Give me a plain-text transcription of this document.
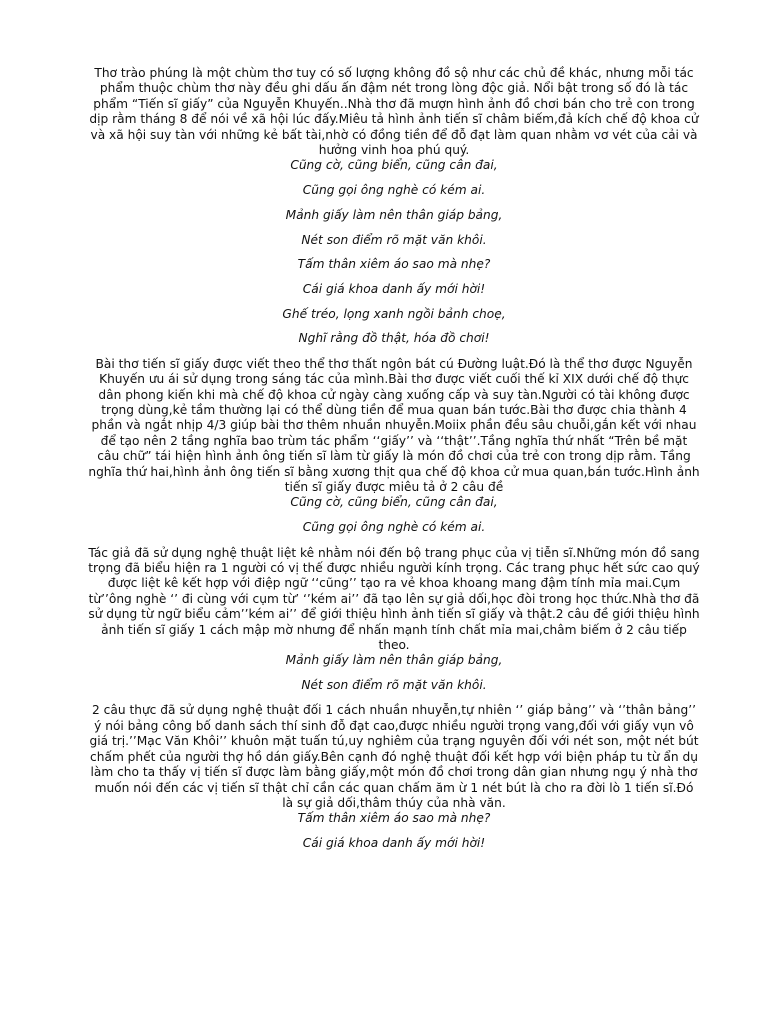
Thơ trào phúng là một chùm thơ tuy có số lượng không đồ sộ như các chủ đề khác, nhưng mỗi tác phẩm thuộc chùm thơ này đều ghi dấu ấn đậm nét trong lòng độc giả. Nổi bật trong số đó là tác phẩm “Tiến sĩ giấy” của Nguyễn Khuyến..Nhà thơ đã mượn hình ảnh đồ chơi bán cho trẻ con trong dịp rằm tháng 8 để nói về xã hội lúc đấy.Miêu tả hình ảnh tiến sĩ châm biếm,đả kích chế độ khoa cử và xã hội suy tàn với những kẻ bất tài,nhờ có đồng tiền để đỗ đạt làm quan nhằm vơ vét của cải và hưởng vinh hoa phú quý.

Cũng cờ, cũng biển, cũng cân đai,

Cũng gọi ông nghè có kém ai.

Mảnh giấy làm nên thân giáp bảng,

Nét son điểm rõ mặt văn khôi.

Tấm thân xiêm áo sao mà nhẹ?

Cái giá khoa danh ấy mới hời!

Ghế tréo, lọng xanh ngồi bảnh choẹ,

Nghĩ rằng đồ thật, hóa đồ chơi!

Bài thơ tiến sĩ giấy được viết theo thể thơ thất ngôn bát cú Đường luật.Đó là thể thơ được Nguyễn Khuyến ưu ái sử dụng trong sáng tác của mình.Bài thơ được viết cuối thế kỉ XIX dưới chế độ thực dân phong kiến khi mà chế độ khoa cử ngày càng xuống cấp và suy tàn.Người có tài không được trọng dùng,kẻ tầm thường lại có thể dùng tiền để mua quan bán tước.Bài thơ được chia thành 4 phần và ngắt nhịp 4/3 giúp bài thơ thêm nhuần nhuyễn.Moiix phần đều sâu chuỗi,gắn kết với nhau để tạo nên 2 tầng nghĩa bao trùm tác phẩm ‘‘giấy’’ và ‘‘thật’’.Tầng nghĩa thứ nhất “Trên bề mặt câu chữ” tái hiện hình ảnh ông tiến sĩ làm từ giấy là món đồ chơi của trẻ con trong dịp rằm. Tầng nghĩa thứ hai,hình ảnh ông tiến sĩ bằng xương thịt qua chế độ khoa cử mua quan,bán tước.Hình ảnh tiến sĩ giấy được miêu tả ở 2 câu đề

Cũng cờ, cũng biển, cũng cân đai,

Cũng gọi ông nghè có kém ai.

Tác giả đã sử dụng nghệ thuật liệt kê nhằm nói đến bộ trang phục của vị tiễn sĩ.Những món đồ sang trọng đã biểu hiện ra 1 người có vị thế được nhiều người kính trọng. Các trang phục hết sức cao quý được liệt kê kết hợp với điệp ngữ ‘‘cũng’’ tạo ra vẻ khoa khoang mang đậm tính mỉa mai.Cụm từ’’ông nghè ‘’ đi cùng với cụm từ’ ‘’kém ai’’ đã tạo lên sự giả dối,học đòi trong học thức.Nhà thơ đã sử dụng từ ngữ biểu cảm’’kém ai’’ để giới thiệu hình ảnh tiến sĩ giấy và thật.2 câu đề giới thiệu hình ảnh tiến sĩ giấy 1 cách mập mờ nhưng để nhấn mạnh tính chất mỉa mai,châm biếm ở 2 câu tiếp theo.

Mảnh giấy làm nên thân giáp bảng,

Nét son điểm rõ mặt văn khôi.

2 câu thực đã sử dụng nghệ thuật đối 1 cách nhuần nhuyễn,tự nhiên ‘’ giáp bảng’’ và ‘’thân bảng’’ ý nói bảng công bố danh sách thí sinh đỗ đạt cao,được nhiều người trọng vang,đối với giấy vụn vô giá trị.’’Mạc Văn Khôi’’ khuôn mặt tuấn tú,uy nghiêm của trạng nguyên đối với nét son, một nét bút chấm phết của người thợ hồ dán giấy.Bên cạnh đó nghệ thuật đối kết hợp với biện pháp tu từ ẩn dụ làm cho ta thấy vị tiến sĩ được làm bằng giấy,một món đồ chơi trong dân gian nhưng ngụ ý nhà thơ muốn nói đến các vị tiến sĩ thật chỉ cần các quan chấm ăm ừ 1 nét bút là cho ra đời lò 1 tiến sĩ.Đó là sự giả dối,thâm thúy của nhà văn.

Tấm thân xiêm áo sao mà nhẹ?

Cái giá khoa danh ấy mới hời!
